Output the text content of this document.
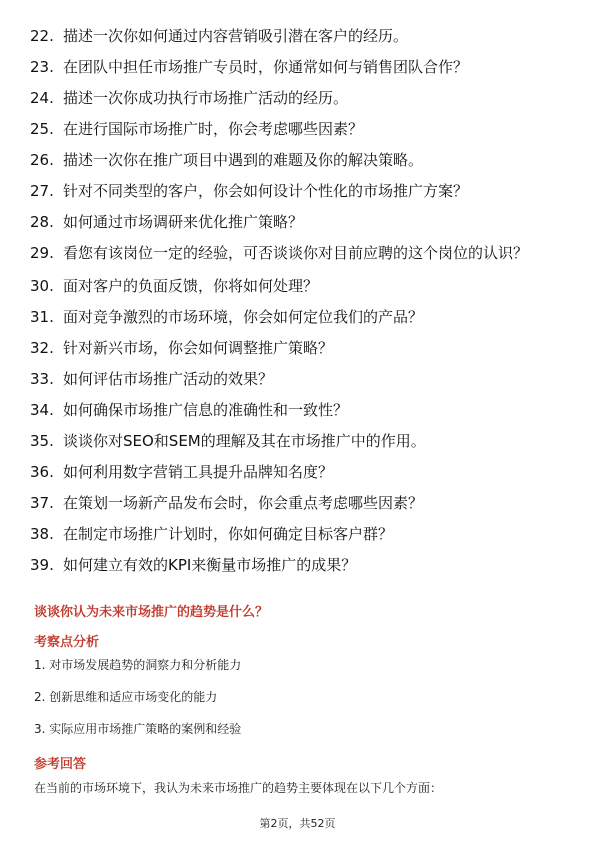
22. 描述一次你如何通过内容营销吸引潜在客户的经历。
23. 在团队中担任市场推广专员时，你通常如何与销售团队合作？
24. 描述一次你成功执行市场推广活动的经历。
25. 在进行国际市场推广时，你会考虑哪些因素？
26. 描述一次你在推广项目中遇到的难题及你的解决策略。
27. 针对不同类型的客户，你会如何设计个性化的市场推广方案？
28. 如何通过市场调研来优化推广策略？
29. 看您有该岗位一定的经验，可否谈谈你对目前应聘的这个岗位的认识？
30. 面对客户的负面反馈，你将如何处理？
31. 面对竞争激烈的市场环境，你会如何定位我们的产品？
32. 针对新兴市场，你会如何调整推广策略？
33. 如何评估市场推广活动的效果？
34. 如何确保市场推广信息的准确性和一致性？
35. 谈谈你对SEO和SEM的理解及其在市场推广中的作用。
36. 如何利用数字营销工具提升品牌知名度？
37. 在策划一场新产品发布会时，你会重点考虑哪些因素？
38. 在制定市场推广计划时，你如何确定目标客户群？
39. 如何建立有效的KPI来衡量市场推广的成果？
谈谈你认为未来市场推广的趋势是什么？
考察点分析
1. 对市场发展趋势的洞察力和分析能力
2. 创新思维和适应市场变化的能力
3. 实际应用市场推广策略的案例和经验
参考回答
在当前的市场环境下，我认为未来市场推广的趋势主要体现在以下几个方面：
第2页，共52页
